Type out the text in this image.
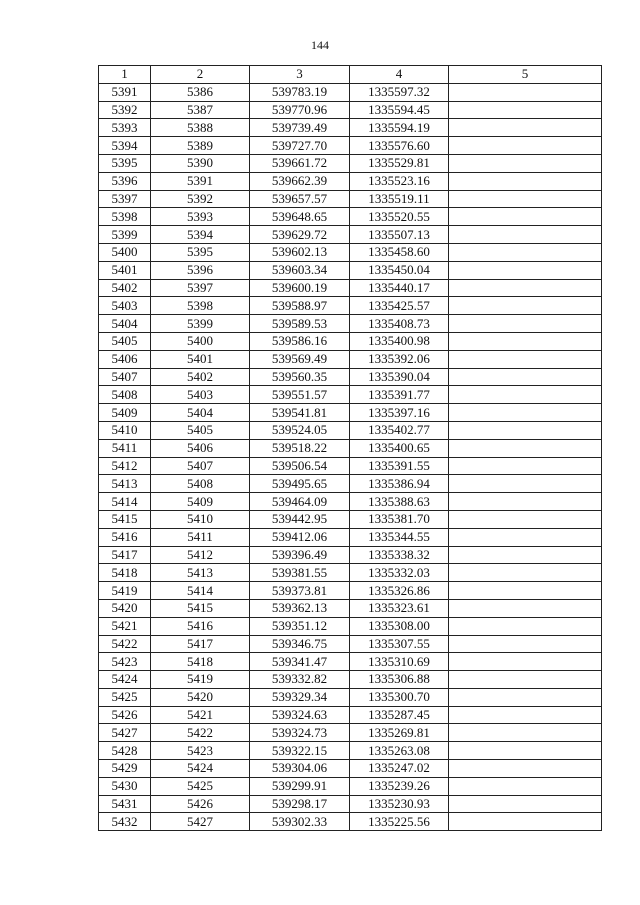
144
1	2	3	4	5
5391	5386	539783.19	1335597.32	
5392	5387	539770.96	1335594.45	
5393	5388	539739.49	1335594.19	
5394	5389	539727.70	1335576.60	
5395	5390	539661.72	1335529.81	
5396	5391	539662.39	1335523.16	
5397	5392	539657.57	1335519.11	
5398	5393	539648.65	1335520.55	
5399	5394	539629.72	1335507.13	
5400	5395	539602.13	1335458.60	
5401	5396	539603.34	1335450.04	
5402	5397	539600.19	1335440.17	
5403	5398	539588.97	1335425.57	
5404	5399	539589.53	1335408.73	
5405	5400	539586.16	1335400.98	
5406	5401	539569.49	1335392.06	
5407	5402	539560.35	1335390.04	
5408	5403	539551.57	1335391.77	
5409	5404	539541.81	1335397.16	
5410	5405	539524.05	1335402.77	
5411	5406	539518.22	1335400.65	
5412	5407	539506.54	1335391.55	
5413	5408	539495.65	1335386.94	
5414	5409	539464.09	1335388.63	
5415	5410	539442.95	1335381.70	
5416	5411	539412.06	1335344.55	
5417	5412	539396.49	1335338.32	
5418	5413	539381.55	1335332.03	
5419	5414	539373.81	1335326.86	
5420	5415	539362.13	1335323.61	
5421	5416	539351.12	1335308.00	
5422	5417	539346.75	1335307.55	
5423	5418	539341.47	1335310.69	
5424	5419	539332.82	1335306.88	
5425	5420	539329.34	1335300.70	
5426	5421	539324.63	1335287.45	
5427	5422	539324.73	1335269.81	
5428	5423	539322.15	1335263.08	
5429	5424	539304.06	1335247.02	
5430	5425	539299.91	1335239.26	
5431	5426	539298.17	1335230.93	
5432	5427	539302.33	1335225.56	
